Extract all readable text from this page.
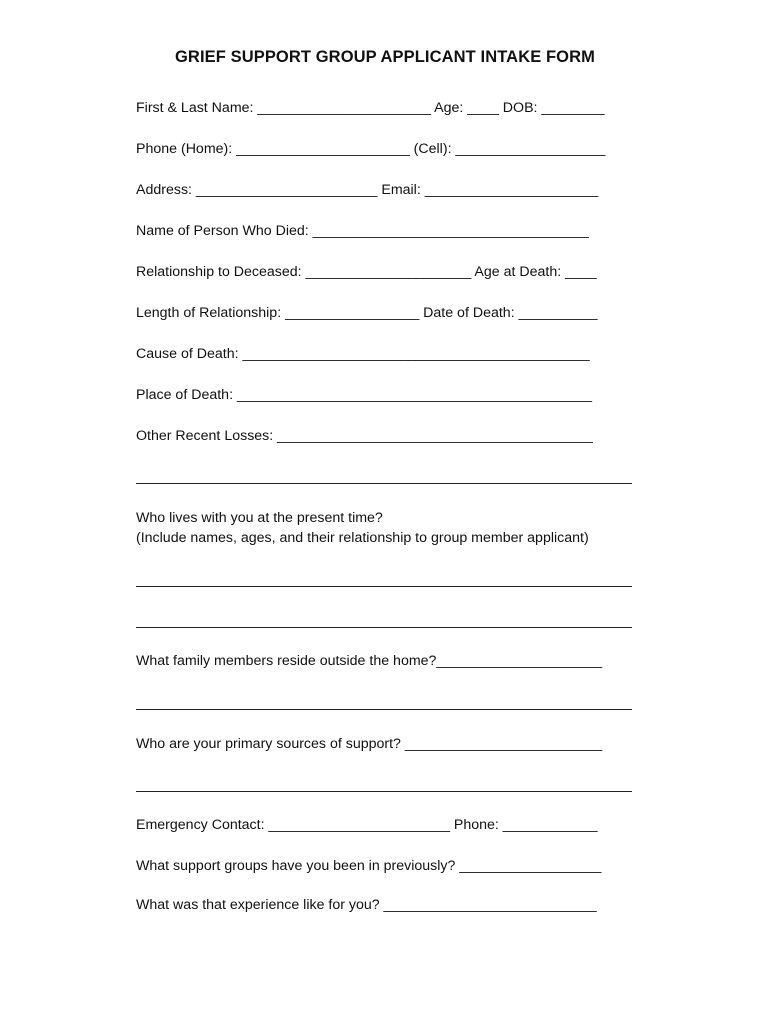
GRIEF SUPPORT GROUP APPLICANT INTAKE FORM
First & Last Name: ______________________ Age: ____ DOB: ________
Phone (Home): ______________________ (Cell): ___________________
Address: _______________________ Email: ______________________
Name of Person Who Died: ___________________________________
Relationship to Deceased: _____________________ Age at Death: ____
Length of Relationship: _________________ Date of Death: __________
Cause of Death: ____________________________________________
Place of Death: _____________________________________________
Other Recent Losses: ________________________________________
Who lives with you at the present time?
(Include names, ages, and their relationship to group member applicant)
What family members reside outside the home?_____________________
Who are your primary sources of support? _________________________
Emergency Contact: _______________________ Phone: ____________
What support groups have you been in previously? __________________
What was that experience like for you? ___________________________
